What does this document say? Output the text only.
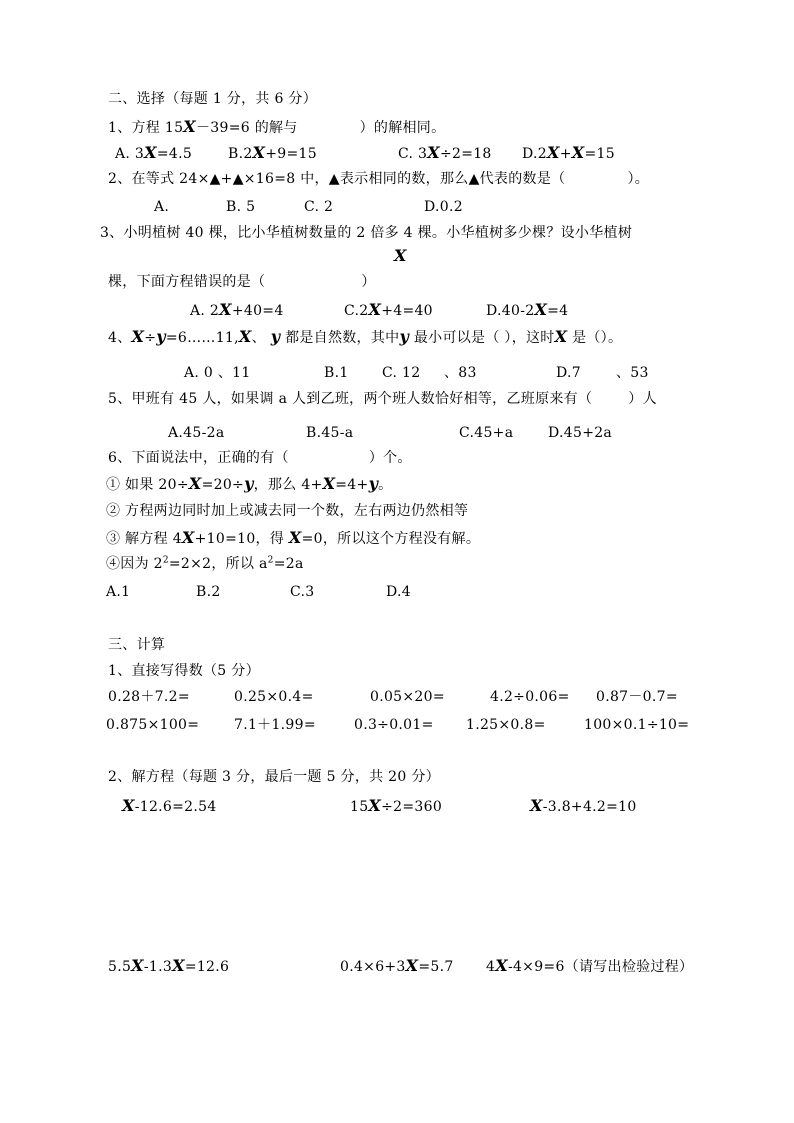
二、选择（每题 1 分，共 6 分）
1、方程 15X－39=6 的解与	）的解相同。
A. 3X=4.5	B.2X+9=15	C. 3X÷2=18 D.2X+X=15
2、在等式 24×▲+▲×16=8 中，▲表示相同的数，那么▲代表的数是（	）。
A.	B. 5	C. 2	D.0.2
3、小明植树 40 棵，比小华植树数量的 2 倍多 4 棵。小华植树多少棵？设小华植树
X
棵，下面方程错误的是（	）
A. 2X+40=4	C.2X+4=40	D.40-2X=4
4、X÷y=6……11,X、 y 都是自然数，其中y 最小可以是（ ），这时X 是（）。
A. 0 、11	B.1 C. 12 、83	D.7	、53
5、甲班有 45 人，如果调 a 人到乙班，两个班人数恰好相等，乙班原来有（	）人
A.45-2a	B.45-a	C.45+a D.45+2a
6、下面说法中，正确的有（	）个。
① 如果 20÷X=20÷y，那么 4+X=4+y。
② 方程两边同时加上或减去同一个数，左右两边仍然相等
③ 解方程 4X+10=10，得 X=0，所以这个方程没有解。
④因为 $2^2=2\times 2$，所以 $a^2=2a$
A.1	B.2	C.3	D.4
三、计算
1、直接写得数（5 分）
0.28＋7.2=	0.25×0.4=	0.05×20=	4.2÷0.06= 0.87－0.7=
0.875×100= 7.1＋1.99=	0.3÷0.01= 1.25×0.8=	100×0.1÷10=
2、解方程（每题 3 分，最后一题 5 分，共 20 分）
X-12.6=2.54	15X÷2=360	X-3.8+4.2=10
5.5X-1.3X=12.6	0.4×6+3X=5.7 4X-4×9=6（请写出检验过程）
